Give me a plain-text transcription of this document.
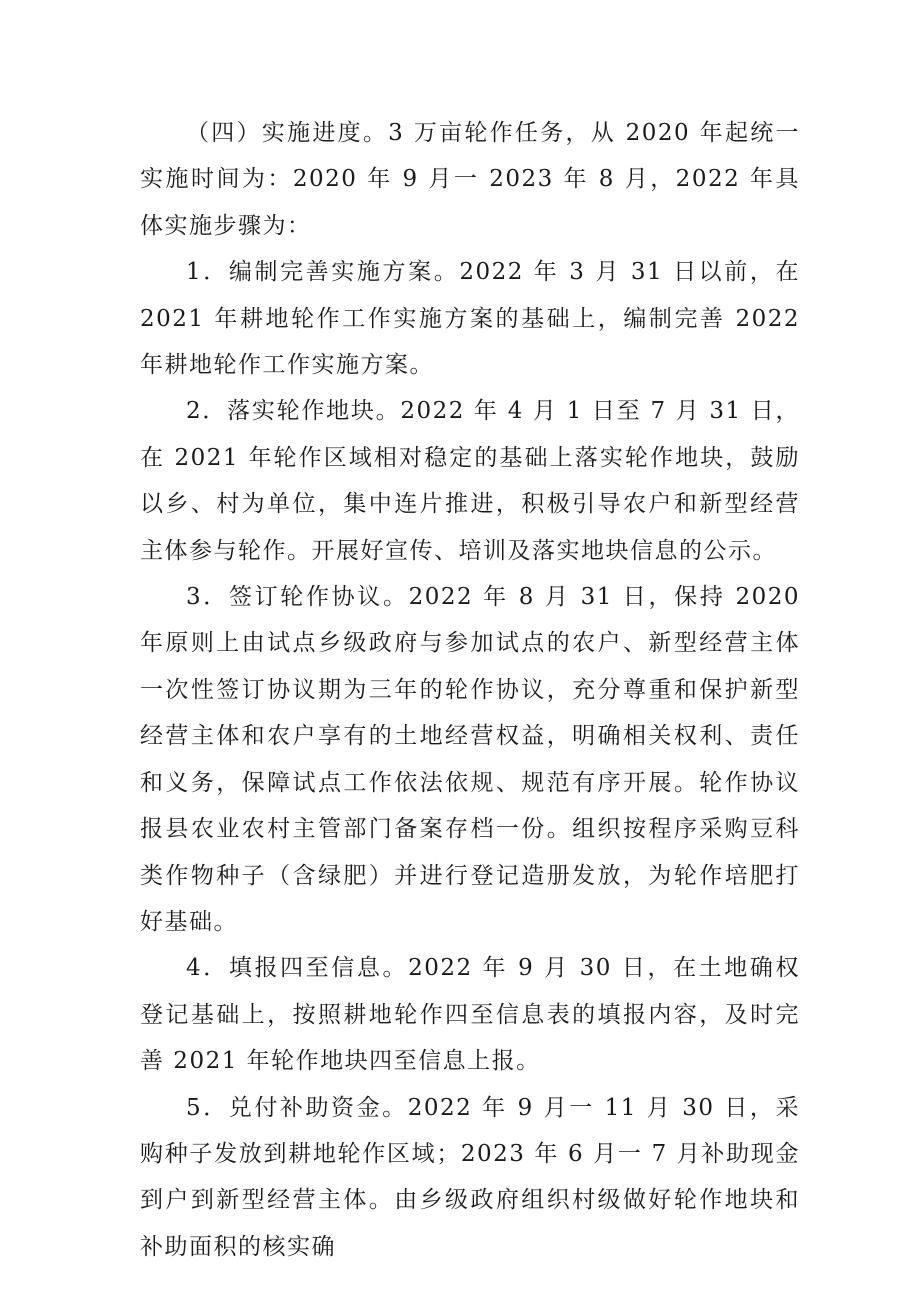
（四）实施进度。3 万亩轮作任务，从 2020 年起统一实施时间为：2020 年 9 月一 2023 年 8 月，2022 年具体实施步骤为：

1．编制完善实施方案。2022 年 3 月 31 日以前，在 2021 年耕地轮作工作实施方案的基础上，编制完善 2022 年耕地轮作工作实施方案。

2．落实轮作地块。2022 年 4 月 1 日至 7 月 31 日，在 2021 年轮作区域相对稳定的基础上落实轮作地块，鼓励以乡、村为单位，集中连片推进，积极引导农户和新型经营主体参与轮作。开展好宣传、培训及落实地块信息的公示。

3．签订轮作协议。2022 年 8 月 31 日，保持 2020 年原则上由试点乡级政府与参加试点的农户、新型经营主体一次性签订协议期为三年的轮作协议，充分尊重和保护新型经营主体和农户享有的土地经营权益，明确相关权利、责任和义务，保障试点工作依法依规、规范有序开展。轮作协议报县农业农村主管部门备案存档一份。组织按程序采购豆科类作物种子（含绿肥）并进行登记造册发放，为轮作培肥打好基础。

4．填报四至信息。2022 年 9 月 30 日，在土地确权登记基础上，按照耕地轮作四至信息表的填报内容，及时完善 2021 年轮作地块四至信息上报。

5．兑付补助资金。2022 年 9 月一 11 月 30 日，采购种子发放到耕地轮作区域；2023 年 6 月一 7 月补助现金到户到新型经营主体。由乡级政府组织村级做好轮作地块和补助面积的核实确
